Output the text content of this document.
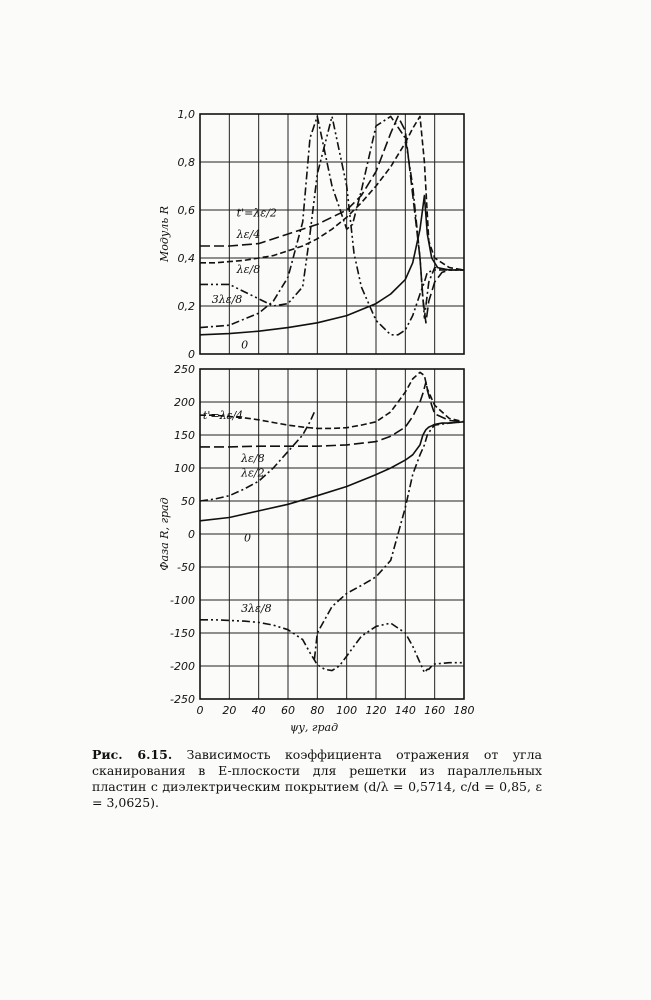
0
0,2
0,4
0,6
0,8
1,0
Модуль R	t'=λε/2
λε/4
λε/8
3λε/8
0
-250
-200
-150
-100
-50
0
50
100
150
200
250
0 20 40 60 80 100 120 140 160 180
Фаза R, град
ψу, град
t'=λε/4
λε/8
λε/2
0
3λε/8

Рис. 6.15. Зависимость коэффициента отражения от угла сканирования в E-плоскости для решетки из параллельных пластин с диэлектрическим покрытием (d/λ = 0,5714, c/d = 0,85, ε = 3,0625).
